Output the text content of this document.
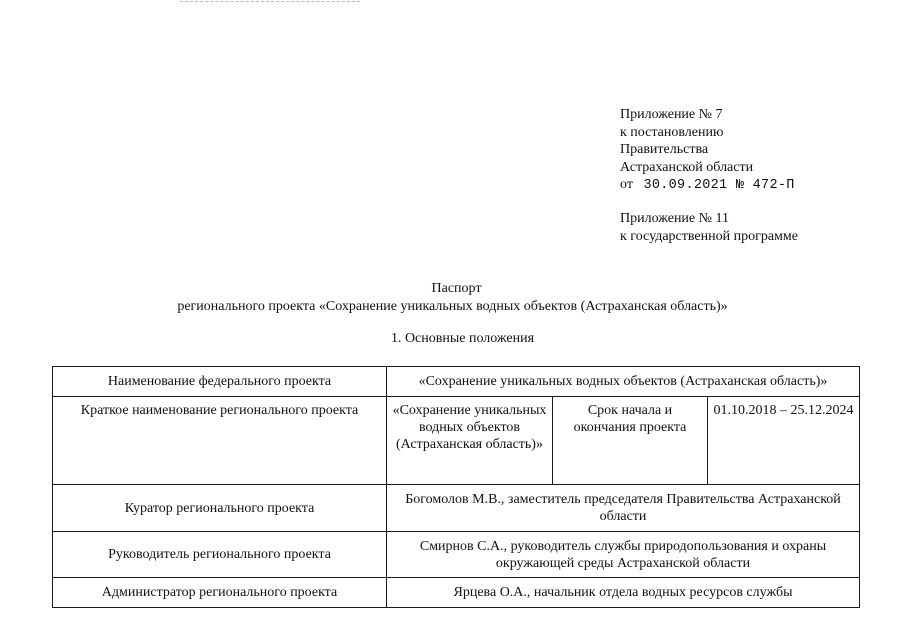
Приложение № 7
к постановлению
Правительства
Астраханской области
от 30.09.2021 № 472-П
Приложение № 11
к государственной программе
Паспорт
регионального проекта «Сохранение уникальных водных объектов (Астраханская область)»
1. Основные положения
Наименование федерального проекта	«Сохранение уникальных водных объектов (Астраханская область)»		
Краткое наименование регионального проекта	«Сохранение уникальных водных объектов (Астраханская область)»	Срок начала и окончания проекта	01.10.2018 – 25.12.2024
Куратор регионального проекта	Богомолов М.В., заместитель председателя Правительства Астраханской области		
Руководитель регионального проекта	Смирнов С.А., руководитель службы природопользования и охраны окружающей среды Астраханской области		
Администратор регионального проекта	Ярцева О.А., начальник отдела водных ресурсов службы		
